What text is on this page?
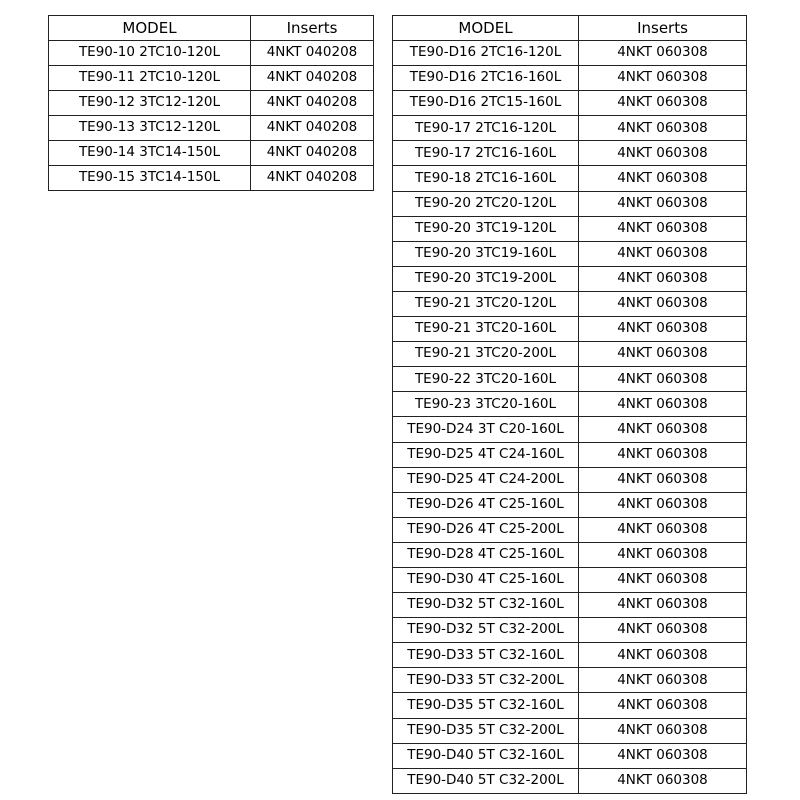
MODEL	Inserts
TE90-10 2TC10-120L	4NKT 040208
TE90-11 2TC10-120L	4NKT 040208
TE90-12 3TC12-120L	4NKT 040208
TE90-13 3TC12-120L	4NKT 040208
TE90-14 3TC14-150L	4NKT 040208
TE90-15 3TC14-150L	4NKT 040208
MODEL	Inserts
TE90-D16 2TC16-120L	4NKT 060308
TE90-D16 2TC16-160L	4NKT 060308
TE90-D16 2TC15-160L	4NKT 060308
TE90-17 2TC16-120L	4NKT 060308
TE90-17 2TC16-160L	4NKT 060308
TE90-18 2TC16-160L	4NKT 060308
TE90-20 2TC20-120L	4NKT 060308
TE90-20 3TC19-120L	4NKT 060308
TE90-20 3TC19-160L	4NKT 060308
TE90-20 3TC19-200L	4NKT 060308
TE90-21 3TC20-120L	4NKT 060308
TE90-21 3TC20-160L	4NKT 060308
TE90-21 3TC20-200L	4NKT 060308
TE90-22 3TC20-160L	4NKT 060308
TE90-23 3TC20-160L	4NKT 060308
TE90-D24 3T C20-160L	4NKT 060308
TE90-D25 4T C24-160L	4NKT 060308
TE90-D25 4T C24-200L	4NKT 060308
TE90-D26 4T C25-160L	4NKT 060308
TE90-D26 4T C25-200L	4NKT 060308
TE90-D28 4T C25-160L	4NKT 060308
TE90-D30 4T C25-160L	4NKT 060308
TE90-D32 5T C32-160L	4NKT 060308
TE90-D32 5T C32-200L	4NKT 060308
TE90-D33 5T C32-160L	4NKT 060308
TE90-D33 5T C32-200L	4NKT 060308
TE90-D35 5T C32-160L	4NKT 060308
TE90-D35 5T C32-200L	4NKT 060308
TE90-D40 5T C32-160L	4NKT 060308
TE90-D40 5T C32-200L	4NKT 060308
